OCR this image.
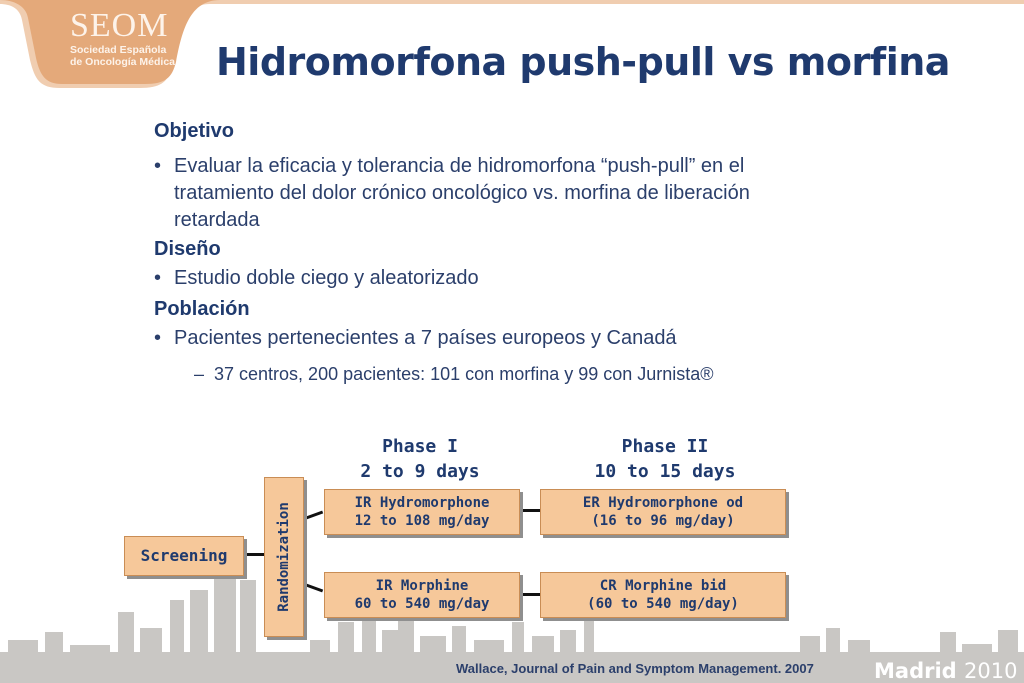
SEOM
Sociedad Española
de Oncología Médica Hidromorfona push-pull vs morfina

Objetivo

• Evaluar la eficacia y tolerancia de hidromorfona “push-pull” en el tratamiento del dolor crónico oncológico vs. morfina de liberación retardada

Diseño

• Estudio doble ciego y aleatorizado

Población

• Pacientes pertenecientes a 7 países europeos y Canadá
– 37 centros, 200 pacientes: 101 con morfina y 99 con Jurnista®
Phase I
2 to 9 days
Phase II
10 to 15 days
Screening	Randomization	IR Hydromorphone
12 to 108 mg/day
ER Hydromorphone od
(16 to 96 mg/day)
IR Morphine
60 to 540 mg/day
CR Morphine bid
(60 to 540 mg/day)
Wallace, Journal of Pain and Symptom Management. 2007	Madrid 2010
